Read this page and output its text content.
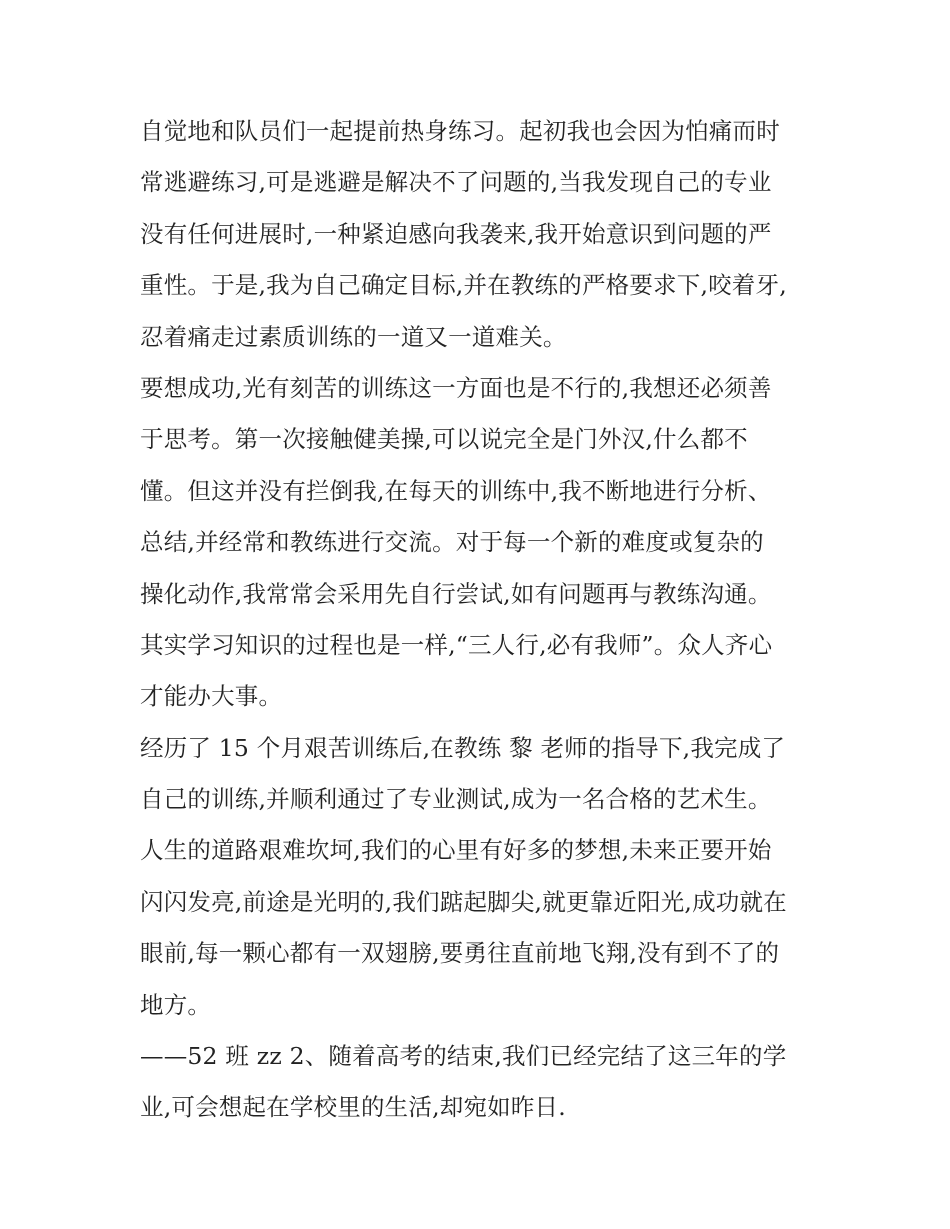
自觉地和队员们一起提前热身练习。起初我也会因为怕痛而时
常逃避练习,可是逃避是解决不了问题的,当我发现自己的专业
没有任何进展时,一种紧迫感向我袭来,我开始意识到问题的严
重性。于是,我为自己确定目标,并在教练的严格要求下,咬着牙,
忍着痛走过素质训练的一道又一道难关。
要想成功,光有刻苦的训练这一方面也是不行的,我想还必须善
于思考。第一次接触健美操,可以说完全是门外汉,什么都不
懂。但这并没有拦倒我,在每天的训练中,我不断地进行分析、
总结,并经常和教练进行交流。对于每一个新的难度或复杂的
操化动作,我常常会采用先自行尝试,如有问题再与教练沟通。
其实学习知识的过程也是一样,“三人行,必有我师”。众人齐心
才能办大事。
经历了 15 个月艰苦训练后,在教练 黎 老师的指导下,我完成了
自己的训练,并顺利通过了专业测试,成为一名合格的艺术生。
人生的道路艰难坎坷,我们的心里有好多的梦想,未来正要开始
闪闪发亮,前途是光明的,我们踮起脚尖,就更靠近阳光,成功就在
眼前,每一颗心都有一双翅膀,要勇往直前地飞翔,没有到不了的
地方。
——52 班 zz 2、随着高考的结束,我们已经完结了这三年的学
业,可会想起在学校里的生活,却宛如昨日.
